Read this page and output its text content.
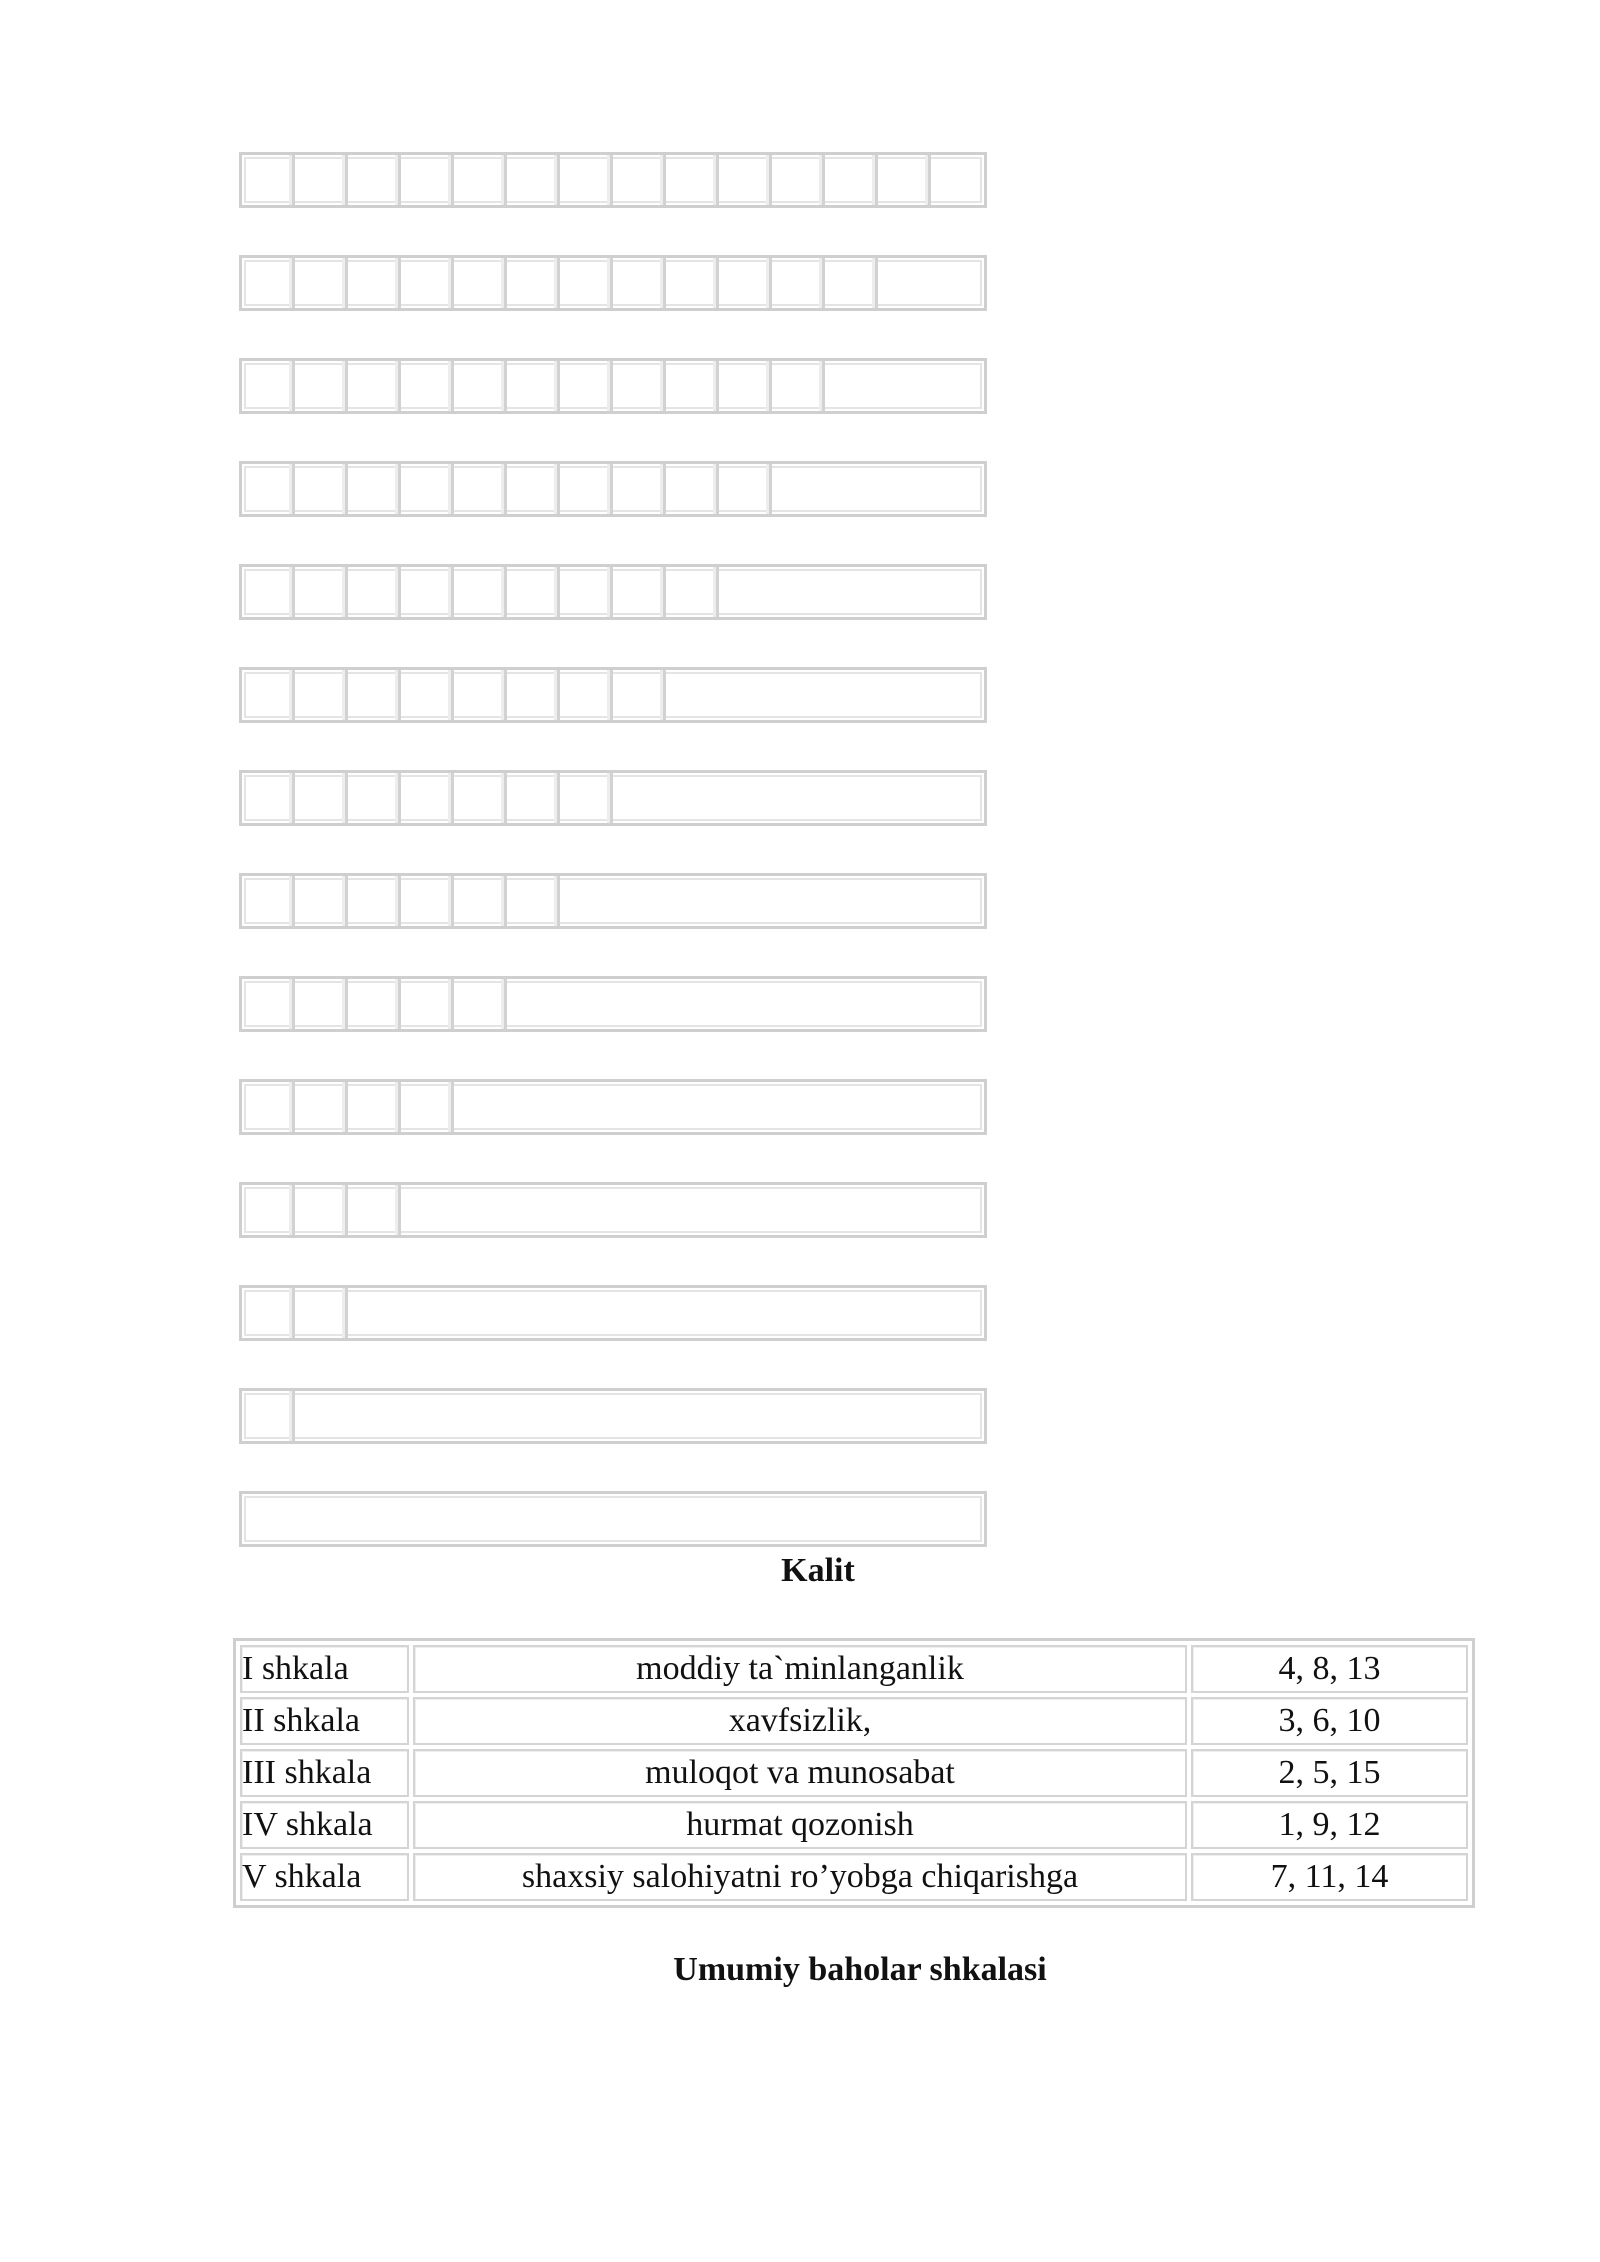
Kalit
I shkala	moddiy ta`minlanganlik	4, 8, 13
II shkala	xavfsizlik,	3, 6, 10
III shkala	muloqot va munosabat	2, 5, 15
IV shkala	hurmat qozonish	1, 9, 12
V shkala	shaxsiy salohiyatni ro’yobga chiqarishga	7, 11, 14
Umumiy baholar shkalasi
